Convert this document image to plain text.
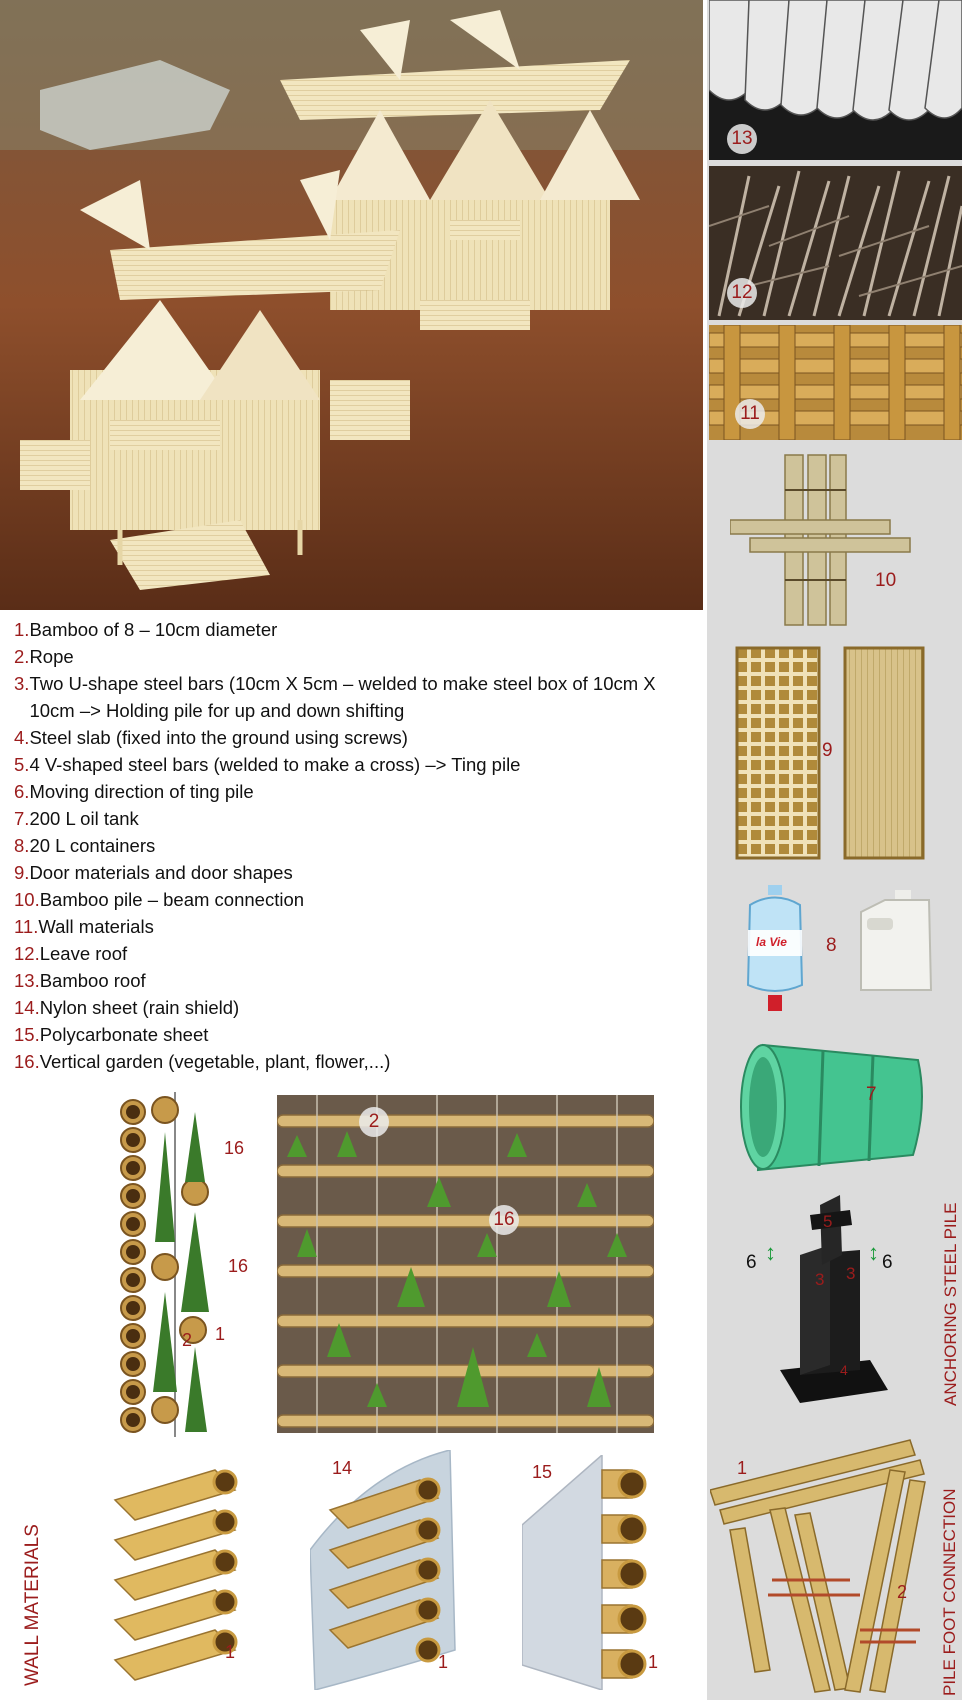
13
12
11
10
9
la Vie 8
7
5
↕
6	↕ 6
3 3
4	ANCHORING STEEL PILE
1
2 PILE FOOT CONNECTION
1. Bamboo of 8 – 10cm diameter
2. Rope
3. Two U-shape steel bars (10cm X 5cm – welded to make steel box of 10cm X 10cm –> Holding pile for up and down shifting
4. Steel slab (fixed into the ground using screws)
5. 4 V-shaped steel bars (welded to make a cross) –> Ting pile
6. Moving direction of ting pile
7. 200 L oil tank
8. 20 L containers
9. Door materials and door shapes
10. Bamboo pile – beam connection
11. Wall materials
12. Leave roof
13. Bamboo roof
14. Nylon sheet (rain shield)
15. Polycarbonate sheet
16. Vertical garden (vegetable, plant, flower,...)
16
16
1
2
2
16
WALL MATERIALS	1
14
1
15
1
